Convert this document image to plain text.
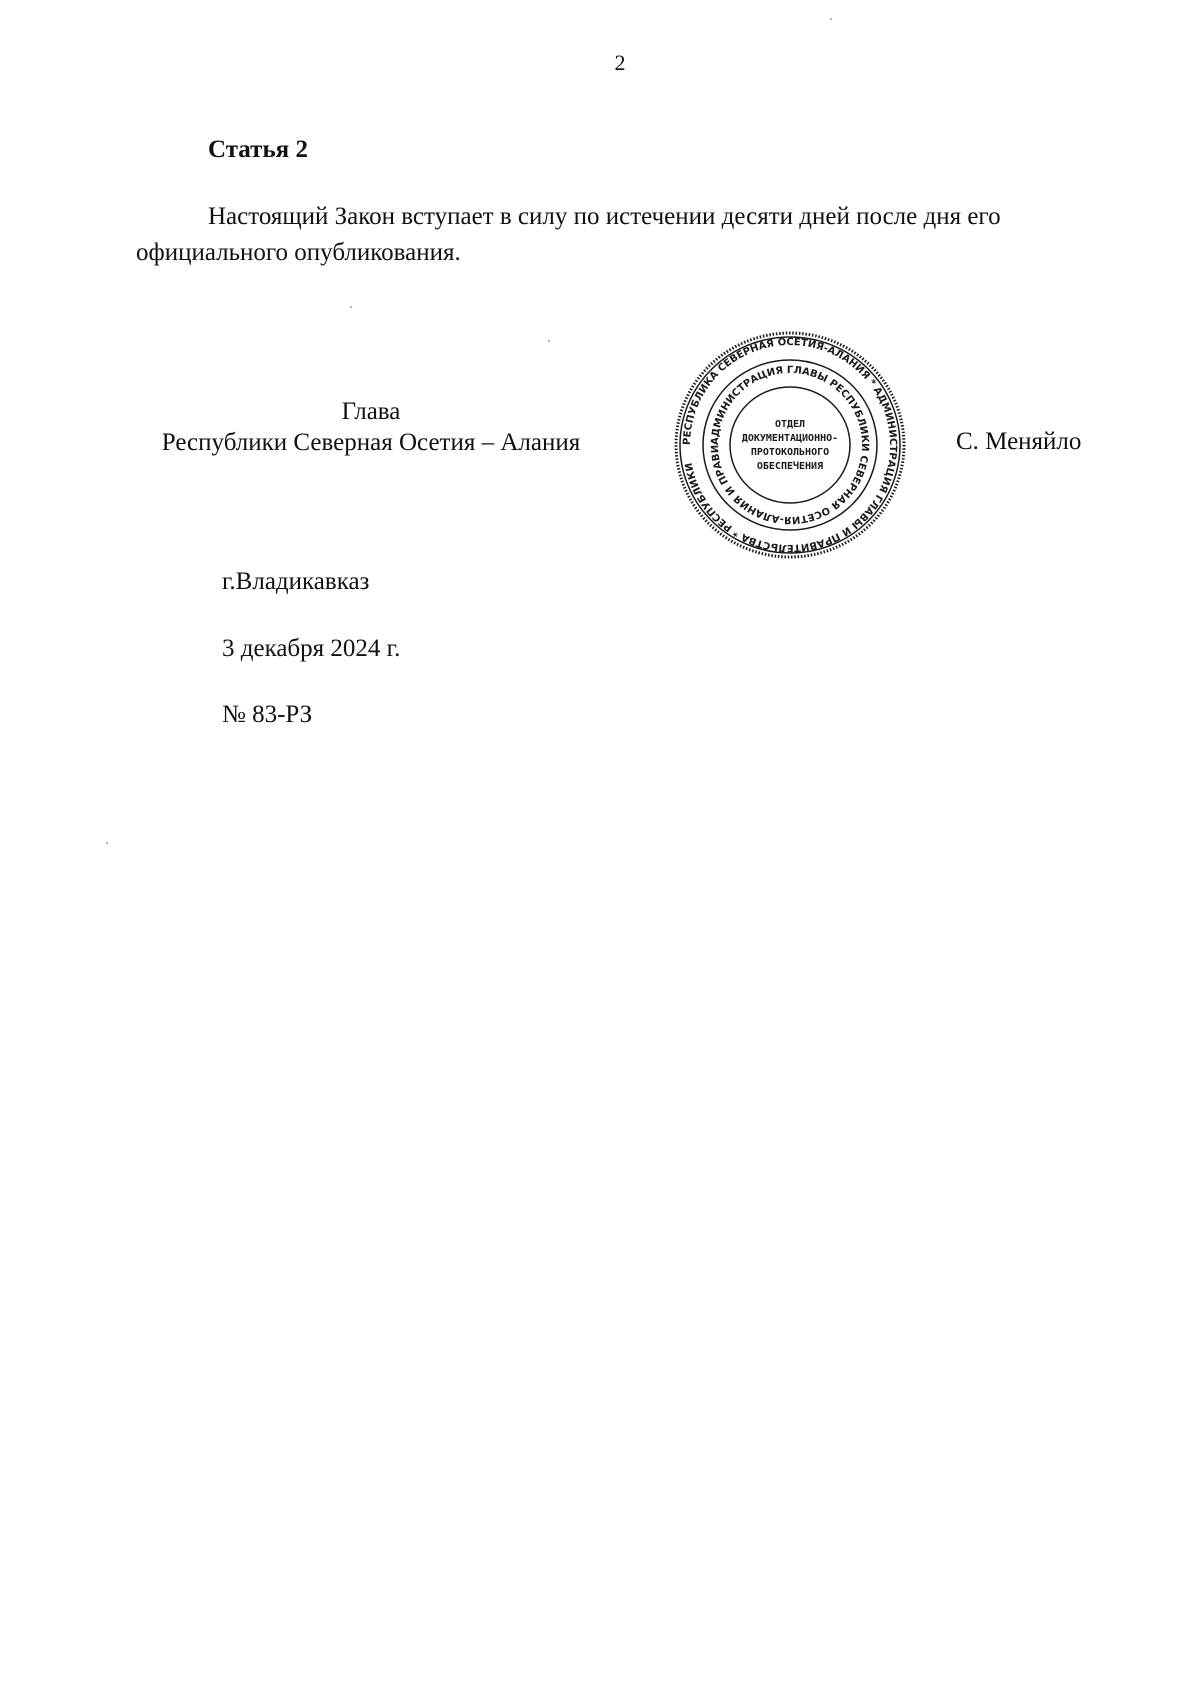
2
Статья 2
Настоящий Закон вступает в силу по истечении десяти дней после дня его официального опубликования.
Глава
Республики Северная Осетия – Алания	РЕСПУБЛИКА СЕВЕРНАЯ ОСЕТИЯ-АЛАНИЯ * АДМИНИСТРАЦИЯ ГЛАВЫ И ПРАВИТЕЛЬСТВА * РЕСПУБЛИКИ
АДМИНИСТРАЦИЯ ГЛАВЫ РЕСПУБЛИКИ СЕВЕРНАЯ ОСЕТИЯ-АЛАНИЯ И ПРАВИ
ОТДЕЛ
ДОКУМЕНТАЦИОННО-
ПРОТОКОЛЬНОГО
ОБЕСПЕЧЕНИЯ
С. Меняйло
г.Владикавказ
3 декабря 2024 г.
№ 83-РЗ
